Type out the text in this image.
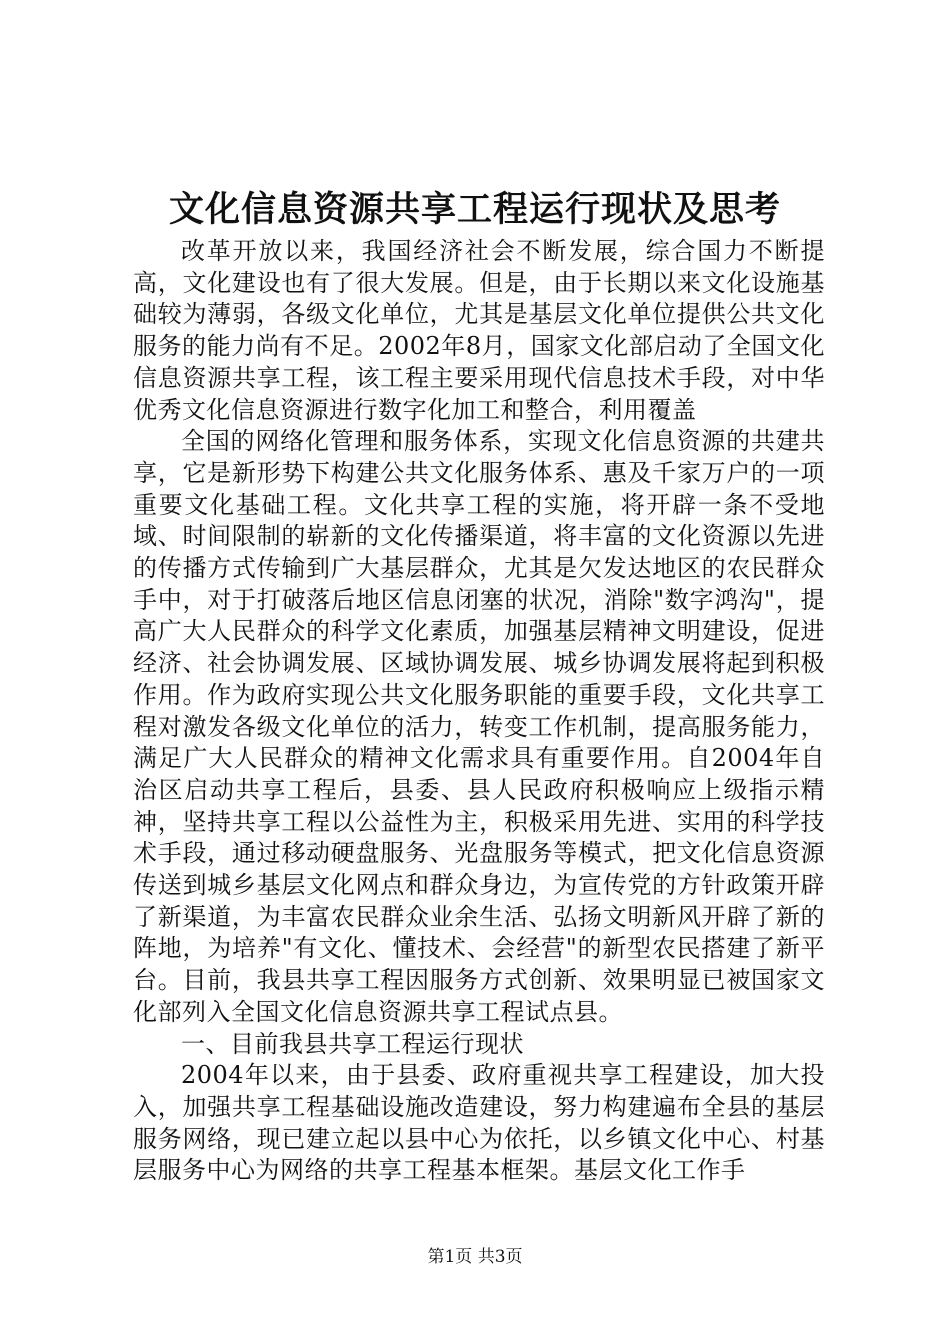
文化信息资源共享工程运行现状及思考

改革开放以来，我国经济社会不断发展，综合国力不断提高，文化建设也有了很大发展。但是，由于长期以来文化设施基础较为薄弱，各级文化单位，尤其是基层文化单位提供公共文化服务的能力尚有不足。2002年8月，国家文化部启动了全国文化信息资源共享工程，该工程主要采用现代信息技术手段，对中华优秀文化信息资源进行数字化加工和整合，利用覆盖

全国的网络化管理和服务体系，实现文化信息资源的共建共享，它是新形势下构建公共文化服务体系、惠及千家万户的一项重要文化基础工程。文化共享工程的实施，将开辟一条不受地域、时间限制的崭新的文化传播渠道，将丰富的文化资源以先进的传播方式传输到广大基层群众，尤其是欠发达地区的农民群众手中，对于打破落后地区信息闭塞的状况，消除"数字鸿沟"，提高广大人民群众的科学文化素质，加强基层精神文明建设，促进经济、社会协调发展、区域协调发展、城乡协调发展将起到积极作用。作为政府实现公共文化服务职能的重要手段，文化共享工程对激发各级文化单位的活力，转变工作机制，提高服务能力，满足广大人民群众的精神文化需求具有重要作用。自2004年自治区启动共享工程后，县委、县人民政府积极响应上级指示精神，坚持共享工程以公益性为主，积极采用先进、实用的科学技术手段，通过移动硬盘服务、光盘服务等模式，把文化信息资源传送到城乡基层文化网点和群众身边，为宣传党的方针政策开辟了新渠道，为丰富农民群众业余生活、弘扬文明新风开辟了新的阵地，为培养"有文化、懂技术、会经营"的新型农民搭建了新平台。目前，我县共享工程因服务方式创新、效果明显已被国家文化部列入全国文化信息资源共享工程试点县。

一、目前我县共享工程运行现状

2004年以来，由于县委、政府重视共享工程建设，加大投入，加强共享工程基础设施改造建设，努力构建遍布全县的基层服务网络，现已建立起以县中心为依托，以乡镇文化中心、村基层服务中心为网络的共享工程基本框架。基层文化工作手

第1页 共3页
